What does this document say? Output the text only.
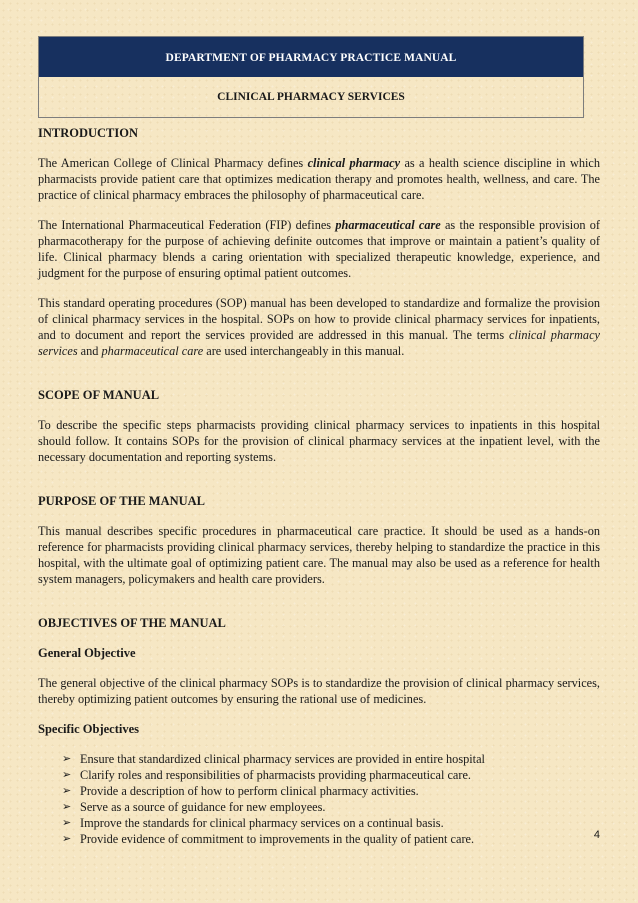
DEPARTMENT OF PHARMACY PRACTICE MANUAL
CLINICAL PHARMACY SERVICES
INTRODUCTION

The American College of Clinical Pharmacy defines clinical pharmacy as a health science discipline in which pharmacists provide patient care that optimizes medication therapy and promotes health, wellness, and care. The practice of clinical pharmacy embraces the philosophy of pharmaceutical care.

The International Pharmaceutical Federation (FIP) defines pharmaceutical care as the responsible provision of pharmacotherapy for the purpose of achieving definite outcomes that improve or maintain a patient’s quality of life. Clinical pharmacy blends a caring orientation with specialized therapeutic knowledge, experience, and judgment for the purpose of ensuring optimal patient outcomes.

This standard operating procedures (SOP) manual has been developed to standardize and formalize the provision of clinical pharmacy services in the hospital. SOPs on how to provide clinical pharmacy services for inpatients, and to document and report the services provided are addressed in this manual. The terms clinical pharmacy services and pharmaceutical care are used interchangeably in this manual.

SCOPE OF MANUAL

To describe the specific steps pharmacists providing clinical pharmacy services to inpatients in this hospital should follow. It contains SOPs for the provision of clinical pharmacy services at the inpatient level, with the necessary documentation and reporting systems.

PURPOSE OF THE MANUAL

This manual describes specific procedures in pharmaceutical care practice. It should be used as a hands-on reference for pharmacists providing clinical pharmacy services, thereby helping to standardize the practice in this hospital, with the ultimate goal of optimizing patient care. The manual may also be used as a reference for health system managers, policymakers and health care providers.

OBJECTIVES OF THE MANUAL
General Objective

The general objective of the clinical pharmacy SOPs is to standardize the provision of clinical pharmacy services, thereby optimizing patient outcomes by ensuring the rational use of medicines.

Specific Objectives
➢ Ensure that standardized clinical pharmacy services are provided in entire hospital
➢ Clarify roles and responsibilities of pharmacists providing pharmaceutical care.
➢ Provide a description of how to perform clinical pharmacy activities.
➢ Serve as a source of guidance for new employees.
➢ Improve the standards for clinical pharmacy services on a continual basis.
➢ Provide evidence of commitment to improvements in the quality of patient care.	4
